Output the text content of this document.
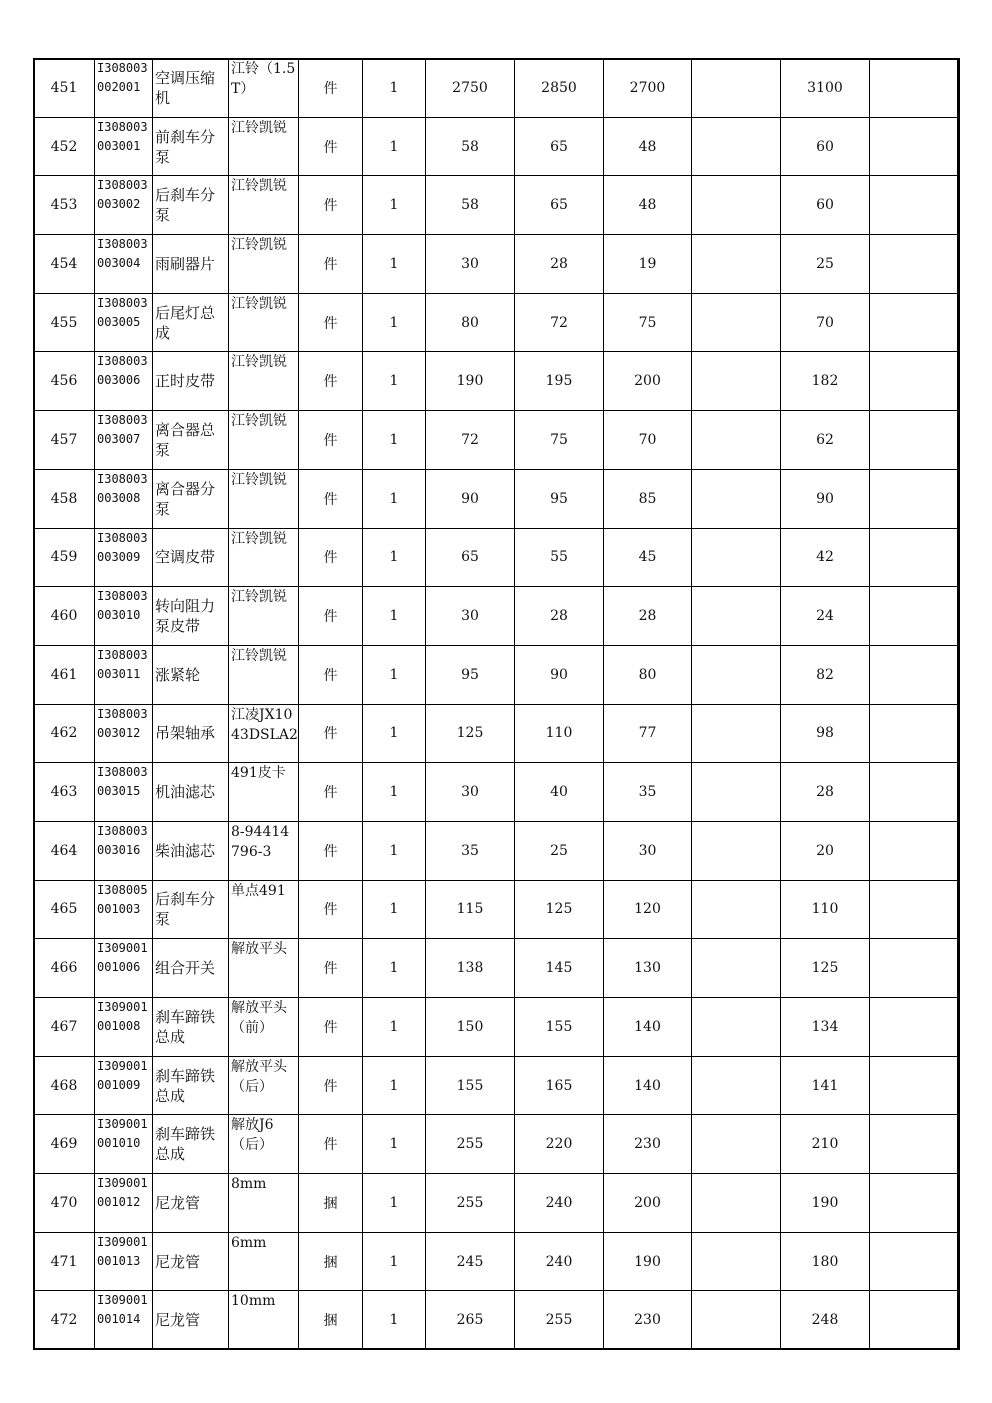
451	I308003002001	空调压缩机	江铃（1.5T）	件	1	2750	2850	2700		3100	
452	I308003003001	前刹车分泵	江铃凯锐	件	1	58	65	48		60	
453	I308003003002	后刹车分泵	江铃凯锐	件	1	58	65	48		60	
454	I308003003004	雨刷器片	江铃凯锐	件	1	30	28	19		25	
455	I308003003005	后尾灯总成	江铃凯锐	件	1	80	72	75		70	
456	I308003003006	正时皮带	江铃凯锐	件	1	190	195	200		182	
457	I308003003007	离合器总泵	江铃凯锐	件	1	72	75	70		62	
458	I308003003008	离合器分泵	江铃凯锐	件	1	90	95	85		90	
459	I308003003009	空调皮带	江铃凯锐	件	1	65	55	45		42	
460	I308003003010	转向阻力泵皮带	江铃凯锐	件	1	30	28	28		24	
461	I308003003011	涨紧轮	江铃凯锐	件	1	95	90	80		82	
462	I308003003012	吊架轴承	江凌JX1043DSLA2	件	1	125	110	77		98	
463	I308003003015	机油滤芯	491皮卡	件	1	30	40	35		28	
464	I308003003016	柴油滤芯	8-94414796-3	件	1	35	25	30		20	
465	I308005001003	后刹车分泵	单点491	件	1	115	125	120		110	
466	I309001001006	组合开关	解放平头	件	1	138	145	130		125	
467	I309001001008	刹车蹄铁总成	解放平头（前）	件	1	150	155	140		134	
468	I309001001009	刹车蹄铁总成	解放平头（后）	件	1	155	165	140		141	
469	I309001001010	刹车蹄铁总成	解放J6（后）	件	1	255	220	230		210	
470	I309001001012	尼龙管	8mm	捆	1	255	240	200		190	
471	I309001001013	尼龙管	6mm	捆	1	245	240	190		180	
472	I309001001014	尼龙管	10mm	捆	1	265	255	230		248	
